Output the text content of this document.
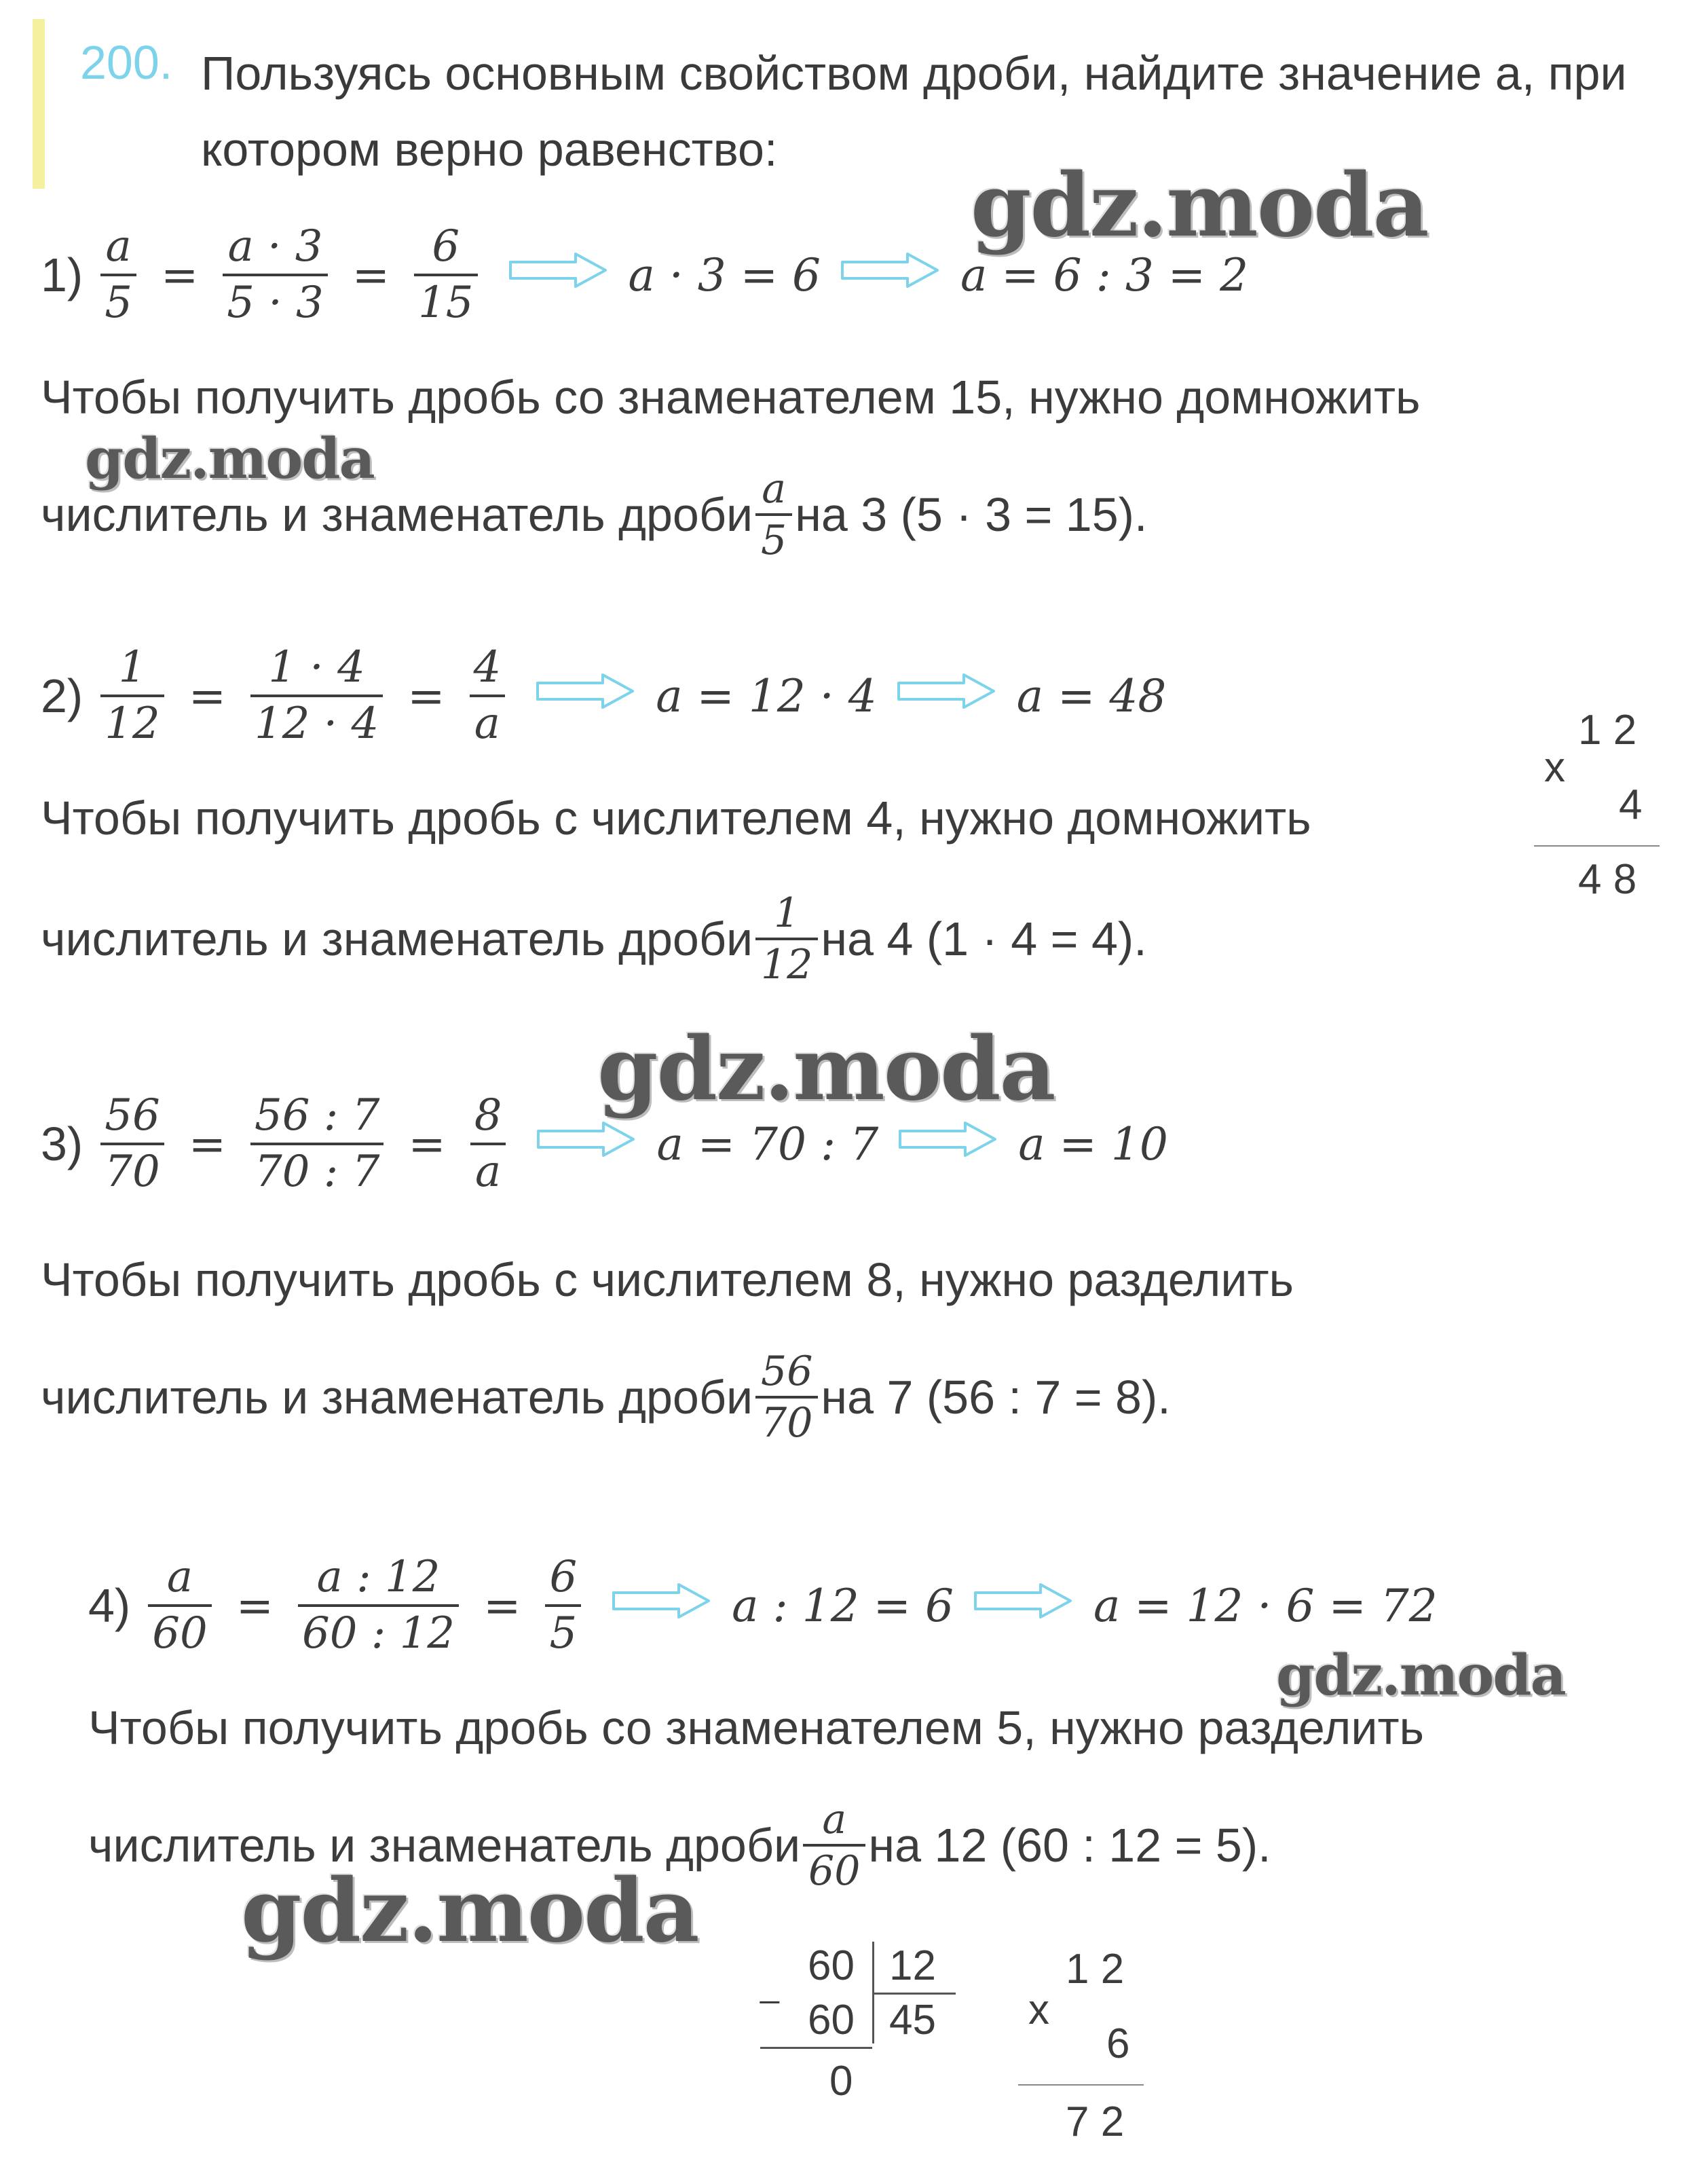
200. Пользуясь основным свойством дроби, найдите значение а, при котором верно равенство:
gdz.moda
gdz.moda
gdz.moda
gdz.moda
gdz.moda
$1) \frac{a}{5} = \frac{a \cdot 3}{5 \cdot 3} = \frac{6}{15}$	a · 3 = 6	a = 6 : 3 = 2
Чтобы получить дробь со знаменателем 15, нужно домножить
числитель и знаменатель дроби a
5 на 3 (5 · 3 = 15).
$2) \frac{1}{12} = \frac{1 \cdot 4}{12 \cdot 4} = \frac{4}{a}$	a = 12 · 4	a = 48
Чтобы получить дробь с числителем 4, нужно домножить
числитель и знаменатель дроби 1
12 на 4 (1 · 4 = 4).
$3) \frac{56}{70} = \frac{56 : 7}{70 : 7} = \frac{8}{a}$	a = 70 : 7	a = 10
Чтобы получить дробь с числителем 8, нужно разделить
числитель и знаменатель дроби 56
70 на 7 (56 : 7 = 8).
$4) \frac{a}{60} = \frac{a : 12}{60 : 12} = \frac{6}{5}$	a : 12 = 6	a = 12 · 6 = 72
Чтобы получить дробь со знаменателем 5, нужно разделить
числитель и знаменатель дроби a
60 на 12 (60 : 12 = 5).
1 2
x
4
4 8
60 12
_
60 45
0
1 2
x
6
7 2
